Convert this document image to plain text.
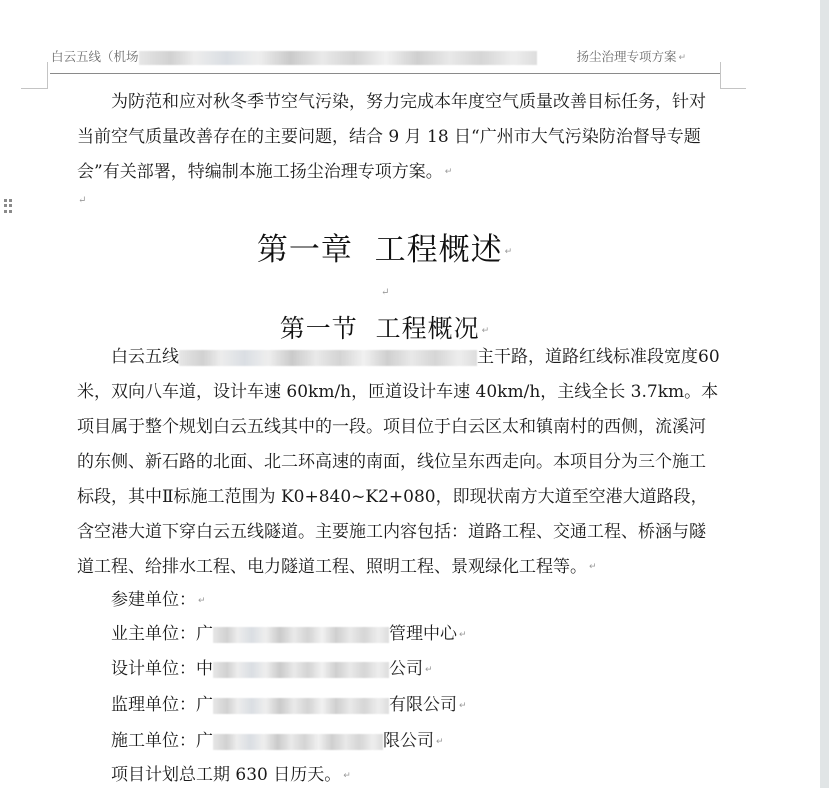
白云五线（机场	扬尘治理专项方案 ↵
为防范和应对秋冬季节空气污染，努力完成本年度空气质量改善目标任务，针对当前空气质量改善存在的主要问题，结合 9 月 18 日“广州市大气污染防治督导专题会”有关部署，特编制本施工扬尘治理专项方案。 ↵
↵
第一章  工程概述 ↵
↵
第一节  工程概况 ↵
白云五线	主干路，道路红线标准段宽度60 米，双向八车道，设计车速 60km/h，匝道设计车速 40km/h，主线全长 3.7km。本项目属于整个规划白云五线其中的一段。项目位于白云区太和镇南村的西侧，流溪河的东侧、新石路的北面、北二环高速的南面，线位呈东西走向。本项目分为三个施工标段，其中Ⅱ标施工范围为 K0+840~K2+080，即现状南方大道至空港大道路段，含空港大道下穿白云五线隧道。主要施工内容包括：道路工程、交通工程、桥涵与隧道工程、给排水工程、电力隧道工程、照明工程、景观绿化工程等。 ↵
参建单位： ↵
业主单位：广	管理中心 ↵
设计单位：中	公司 ↵
监理单位：广	有限公司 ↵
施工单位：广	限公司 ↵
项目计划总工期 630 日历天。 ↵
